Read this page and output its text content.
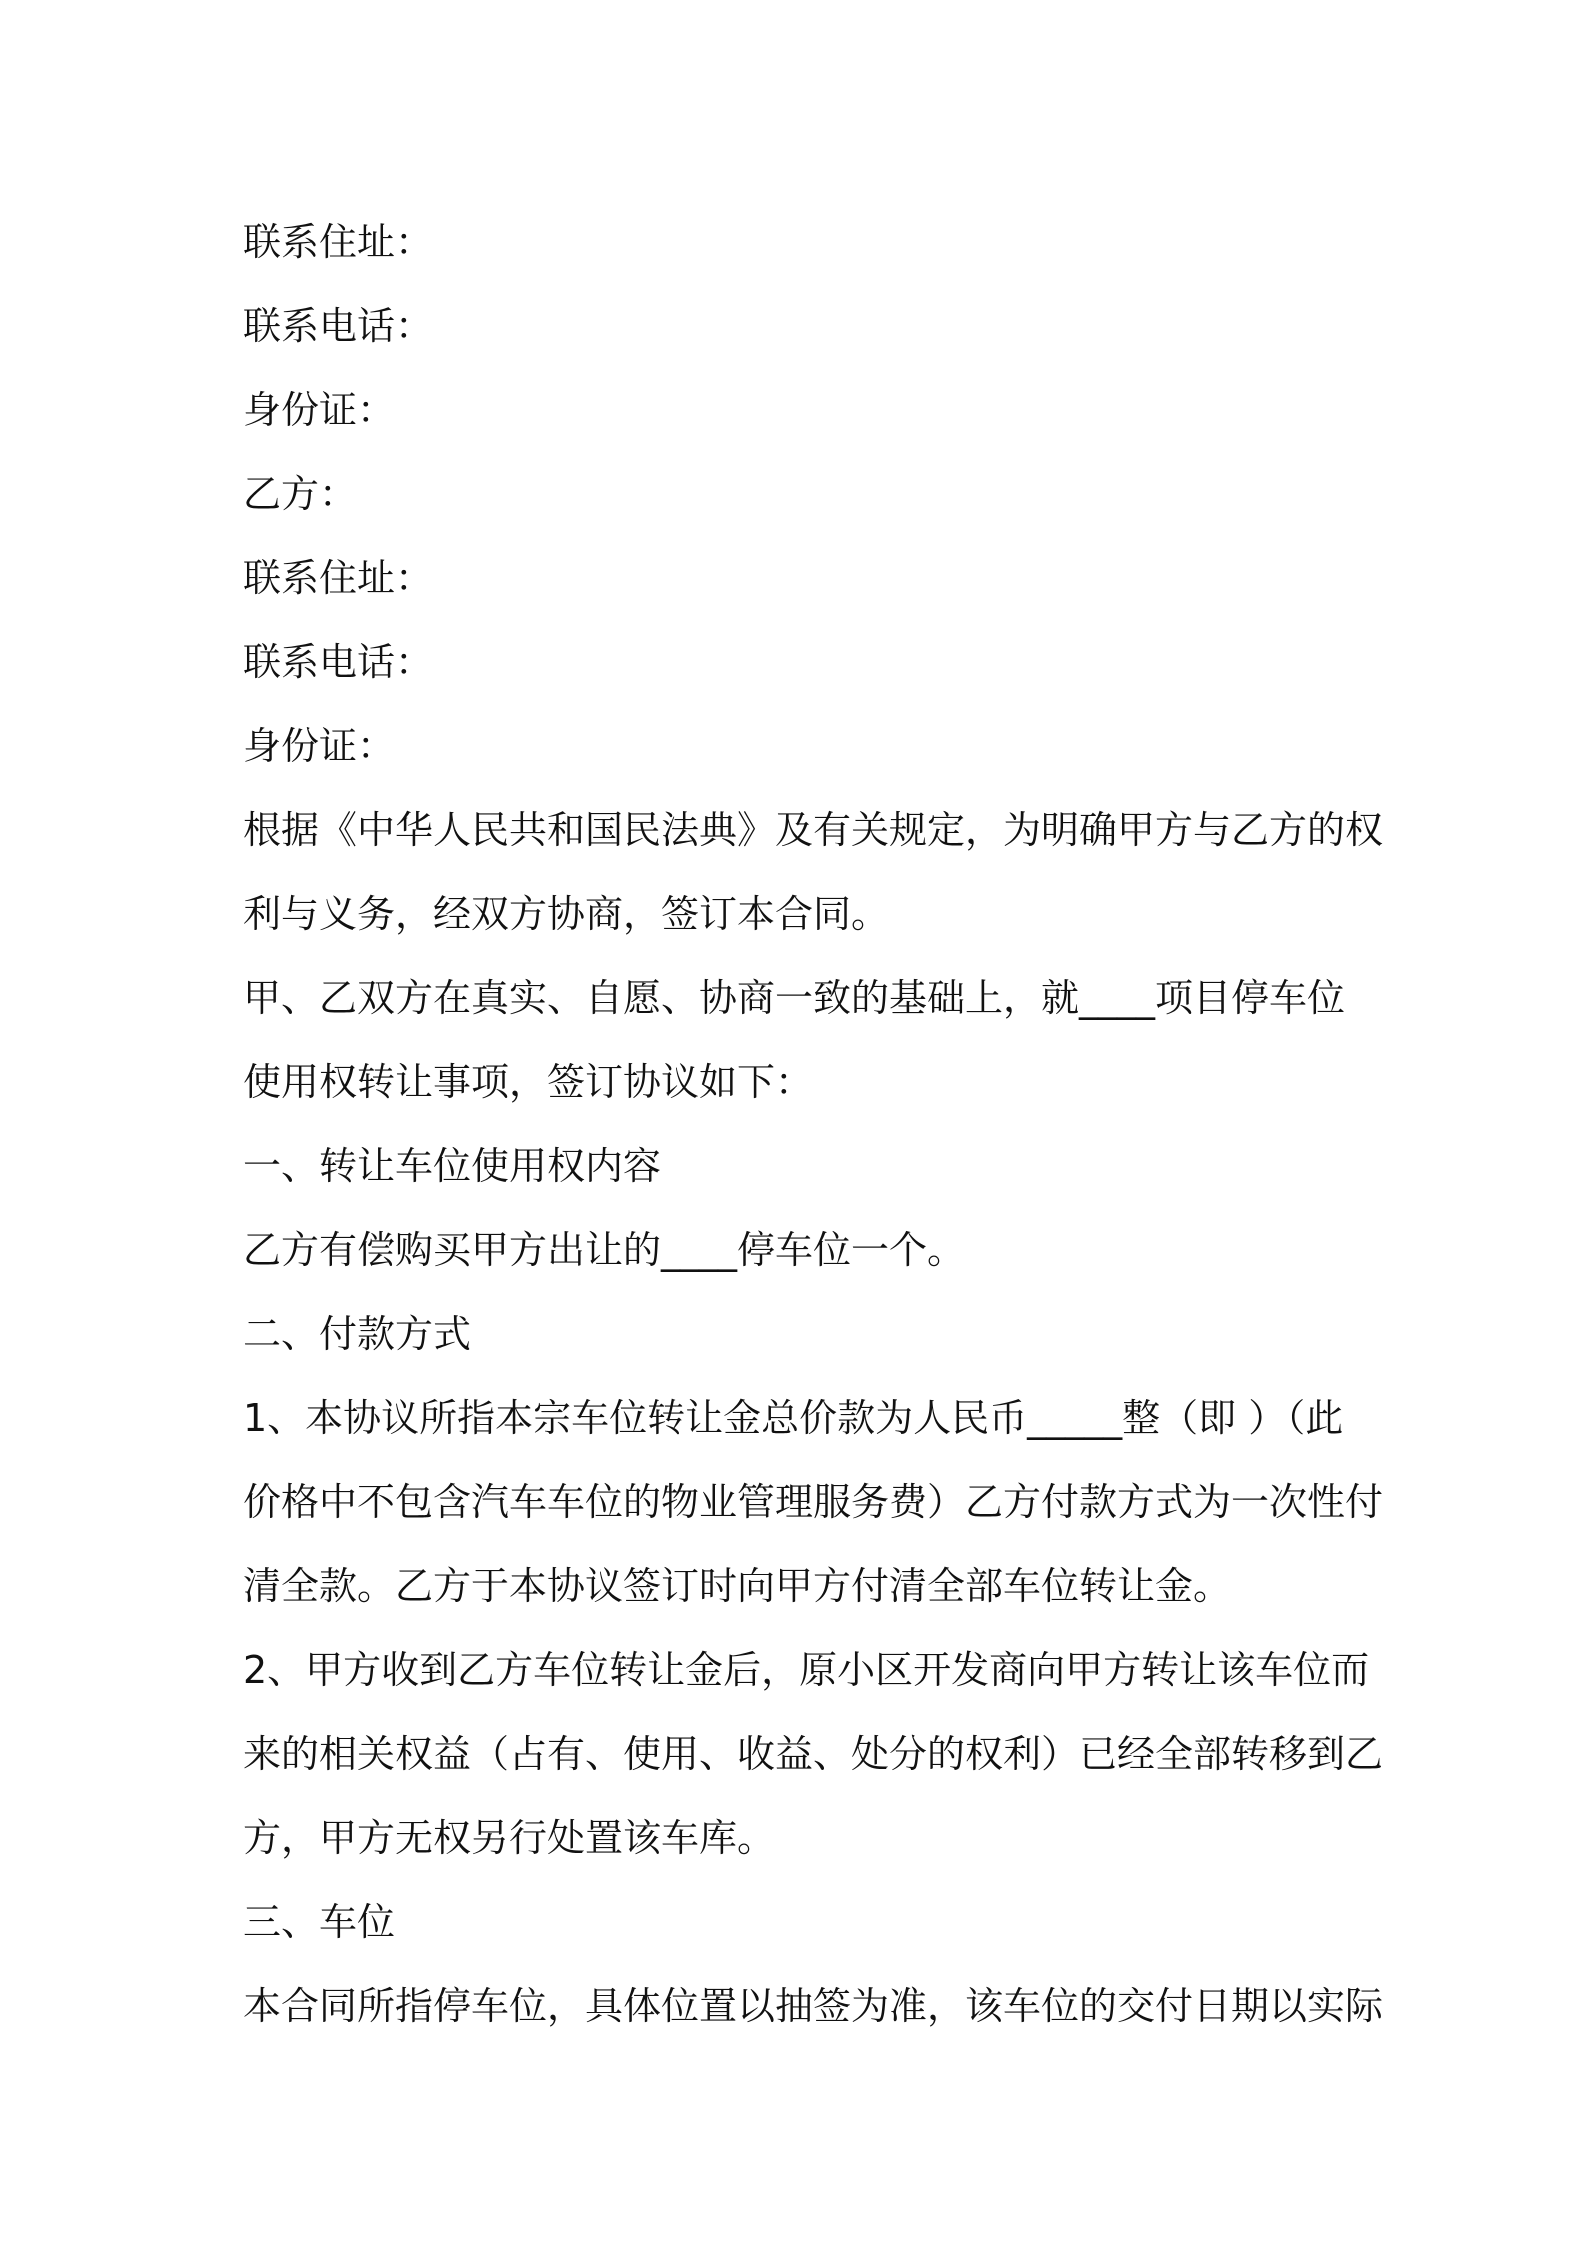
联系住址：
联系电话：
身份证：
乙方：
联系住址：
联系电话：
身份证：
根据《中华人民共和国民法典》及有关规定，为明确甲方与乙方的权
利与义务，经双方协商，签订本合同。
甲、乙双方在真实、自愿、协商一致的基础上，就____项目停车位
使用权转让事项，签订协议如下：
一、转让车位使用权内容
乙方有偿购买甲方出让的____停车位一个。
二、付款方式
1、本协议所指本宗车位转让金总价款为人民币_____整（即 ）（此
价格中不包含汽车车位的物业管理服务费）乙方付款方式为一次性付
清全款。乙方于本协议签订时向甲方付清全部车位转让金。
2、甲方收到乙方车位转让金后，原小区开发商向甲方转让该车位而
来的相关权益（占有、使用、收益、处分的权利）已经全部转移到乙
方，甲方无权另行处置该车库。
三、车位
本合同所指停车位，具体位置以抽签为准，该车位的交付日期以实际
